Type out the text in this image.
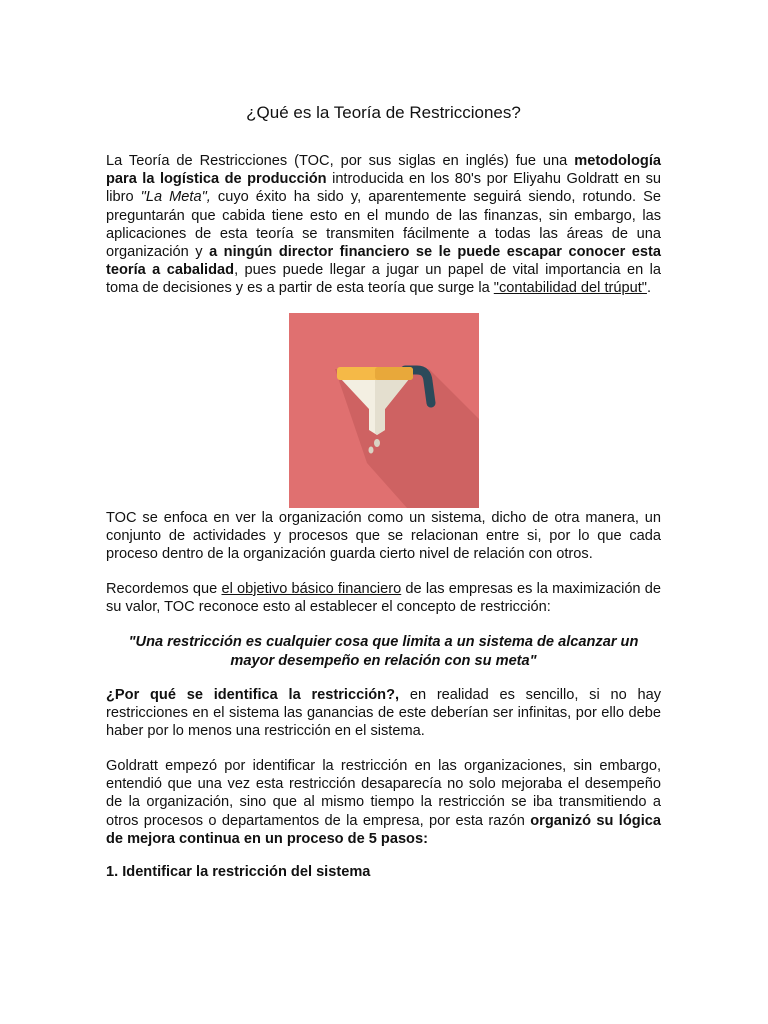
¿Qué es la Teoría de Restricciones?

La Teoría de Restricciones (TOC, por sus siglas en inglés) fue una metodología para la logística de producción introducida en los 80's por Eliyahu Goldratt en su libro "La Meta", cuyo éxito ha sido y, aparentemente seguirá siendo, rotundo. Se preguntarán que cabida tiene esto en el mundo de las finanzas, sin embargo, las aplicaciones de esta teoría se transmiten fácilmente a todas las áreas de una organización y a ningún director financiero se le puede escapar conocer esta teoría a cabalidad, pues puede llegar a jugar un papel de vital importancia en la toma de decisiones y es a partir de esta teoría que surge la "contabilidad del trúput".

TOC se enfoca en ver la organización como un sistema, dicho de otra manera, un conjunto de actividades y procesos que se relacionan entre si, por lo que cada proceso dentro de la organización guarda cierto nivel de relación con otros.

Recordemos que el objetivo básico financiero de las empresas es la maximización de su valor, TOC reconoce esto al establecer el concepto de restricción:

"Una restricción es cualquier cosa que limita a un sistema de alcanzar un mayor desempeño en relación con su meta"

¿Por qué se identifica la restricción?, en realidad es sencillo, si no hay restricciones en el sistema las ganancias de este deberían ser infinitas, por ello debe haber por lo menos una restricción en el sistema.

Goldratt empezó por identificar la restricción en las organizaciones, sin embargo, entendió que una vez esta restricción desaparecía no solo mejoraba el desempeño de la organización, sino que al mismo tiempo la restricción se iba transmitiendo a otros procesos o departamentos de la empresa, por esta razón organizó su lógica de mejora continua en un proceso de 5 pasos:

1. Identificar la restricción del sistema
